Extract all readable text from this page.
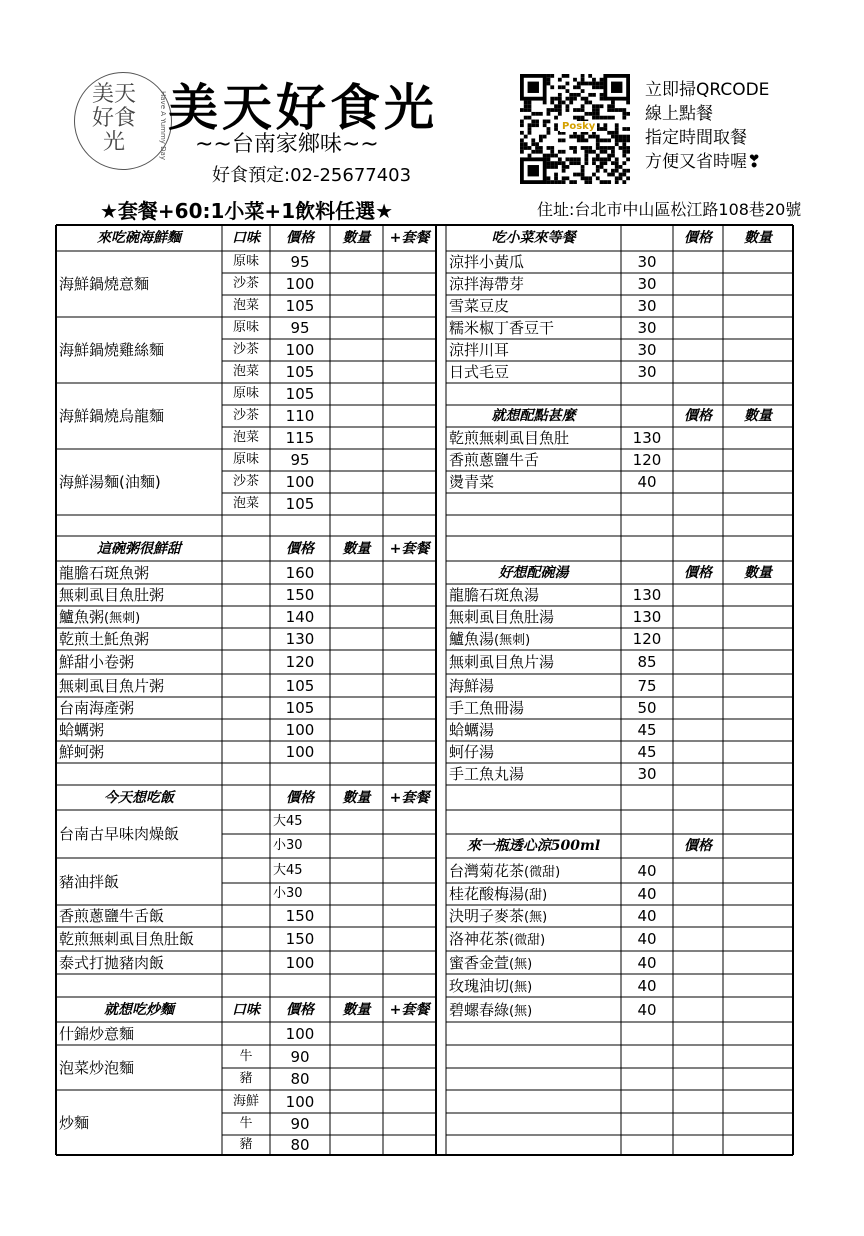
美天好食光	Have A Yummy Day 美天好食光
~~台南家鄉味~~
好食預定:02-25677403
Posky
立即掃QRCODE
線上點餐
指定時間取餐
方便又省時喔❣
★套餐+60:1小菜+1飲料任選★	住址:台北市中山區松江路108巷20號
來吃碗海鮮麵	口味	價格	數量	+套餐
海鮮鍋燒意麵
原味	95
沙茶	100
泡菜	105
海鮮鍋燒雞絲麵
原味	95
沙茶	100
泡菜	105
海鮮鍋燒烏龍麵
原味	105
沙茶	110
泡菜	115
海鮮湯麵(油麵)
原味	95
沙茶	100
泡菜	105
這碗粥很鮮甜	價格	數量	+套餐
龍膽石斑魚粥	160
無刺虱目魚肚粥	150
鱸魚粥(無刺)	140
乾煎土魠魚粥	130
鮮甜小卷粥	120
無刺虱目魚片粥	105
台南海產粥	105
蛤蠣粥	100
鮮蚵粥	100
今天想吃飯	價格	數量	+套餐
台南古早味肉燥飯
大45
小30
豬油拌飯
大45
小30
香煎蔥鹽牛舌飯	150
乾煎無刺虱目魚肚飯	150
泰式打拋豬肉飯	100
就想吃炒麵	口味	價格	數量	+套餐
什錦炒意麵	100
泡菜炒泡麵
牛	90
豬	80
炒麵
海鮮	100
牛	90
豬	80
吃小菜來等餐	價格	數量
涼拌小黃瓜	30
涼拌海帶芽	30
雪菜豆皮	30
糯米椒丁香豆干	30
涼拌川耳	30
日式毛豆	30
就想配點甚麼	價格	數量
乾煎無刺虱目魚肚	130
香煎蔥鹽牛舌	120
燙青菜	40
好想配碗湯	價格	數量
龍膽石斑魚湯	130
無刺虱目魚肚湯	130
鱸魚湯(無刺)	120
無刺虱目魚片湯	85
海鮮湯	75
手工魚冊湯	50
蛤蠣湯	45
蚵仔湯	45
手工魚丸湯	30
來一瓶透心涼500ml	價格
台灣菊花茶(微甜)	40
桂花酸梅湯(甜)	40
決明子麥茶(無)	40
洛神花茶(微甜)	40
蜜香金萱(無)	40
玫瑰油切(無)	40
碧螺春綠(無)	40
